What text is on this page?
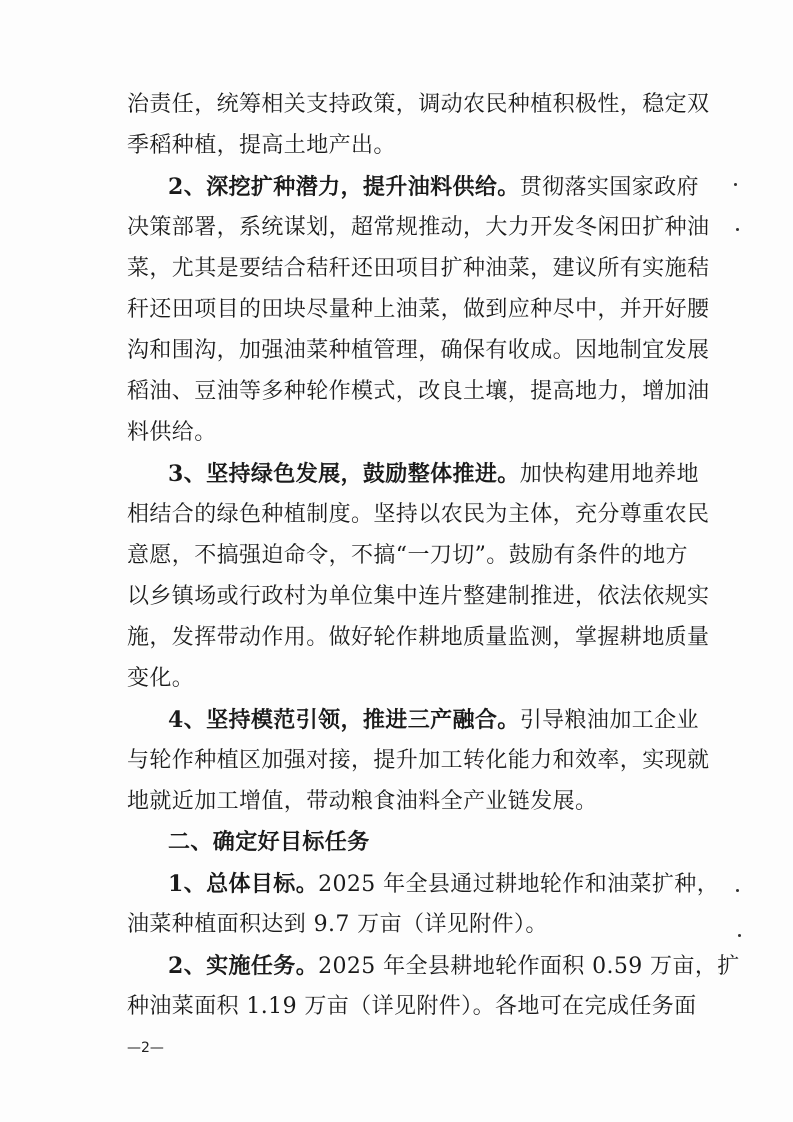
治责任，统筹相关支持政策，调动农民种植积极性，稳定双
季稻种植，提高土地产出。
2、深挖扩种潜力，提升油料供给。贯彻落实国家政府
决策部署，系统谋划，超常规推动，大力开发冬闲田扩种油
菜，尤其是要结合秸秆还田项目扩种油菜，建议所有实施秸
秆还田项目的田块尽量种上油菜，做到应种尽中，并开好腰
沟和围沟，加强油菜种植管理，确保有收成。因地制宜发展
稻油、豆油等多种轮作模式，改良土壤，提高地力，增加油
料供给。
3、坚持绿色发展，鼓励整体推进。加快构建用地养地
相结合的绿色种植制度。坚持以农民为主体，充分尊重农民
意愿，不搞强迫命令，不搞“一刀切”。鼓励有条件的地方
以乡镇场或行政村为单位集中连片整建制推进，依法依规实
施，发挥带动作用。做好轮作耕地质量监测，掌握耕地质量
变化。
4、坚持模范引领，推进三产融合。引导粮油加工企业
与轮作种植区加强对接，提升加工转化能力和效率，实现就
地就近加工增值，带动粮食油料全产业链发展。
二、确定好目标任务
1、总体目标。2025 年全县通过耕地轮作和油菜扩种，
油菜种植面积达到 9.7 万亩（详见附件）。
2、实施任务。2025 年全县耕地轮作面积 0.59 万亩，扩
种油菜面积 1.19 万亩（详见附件）。各地可在完成任务面
—2—
